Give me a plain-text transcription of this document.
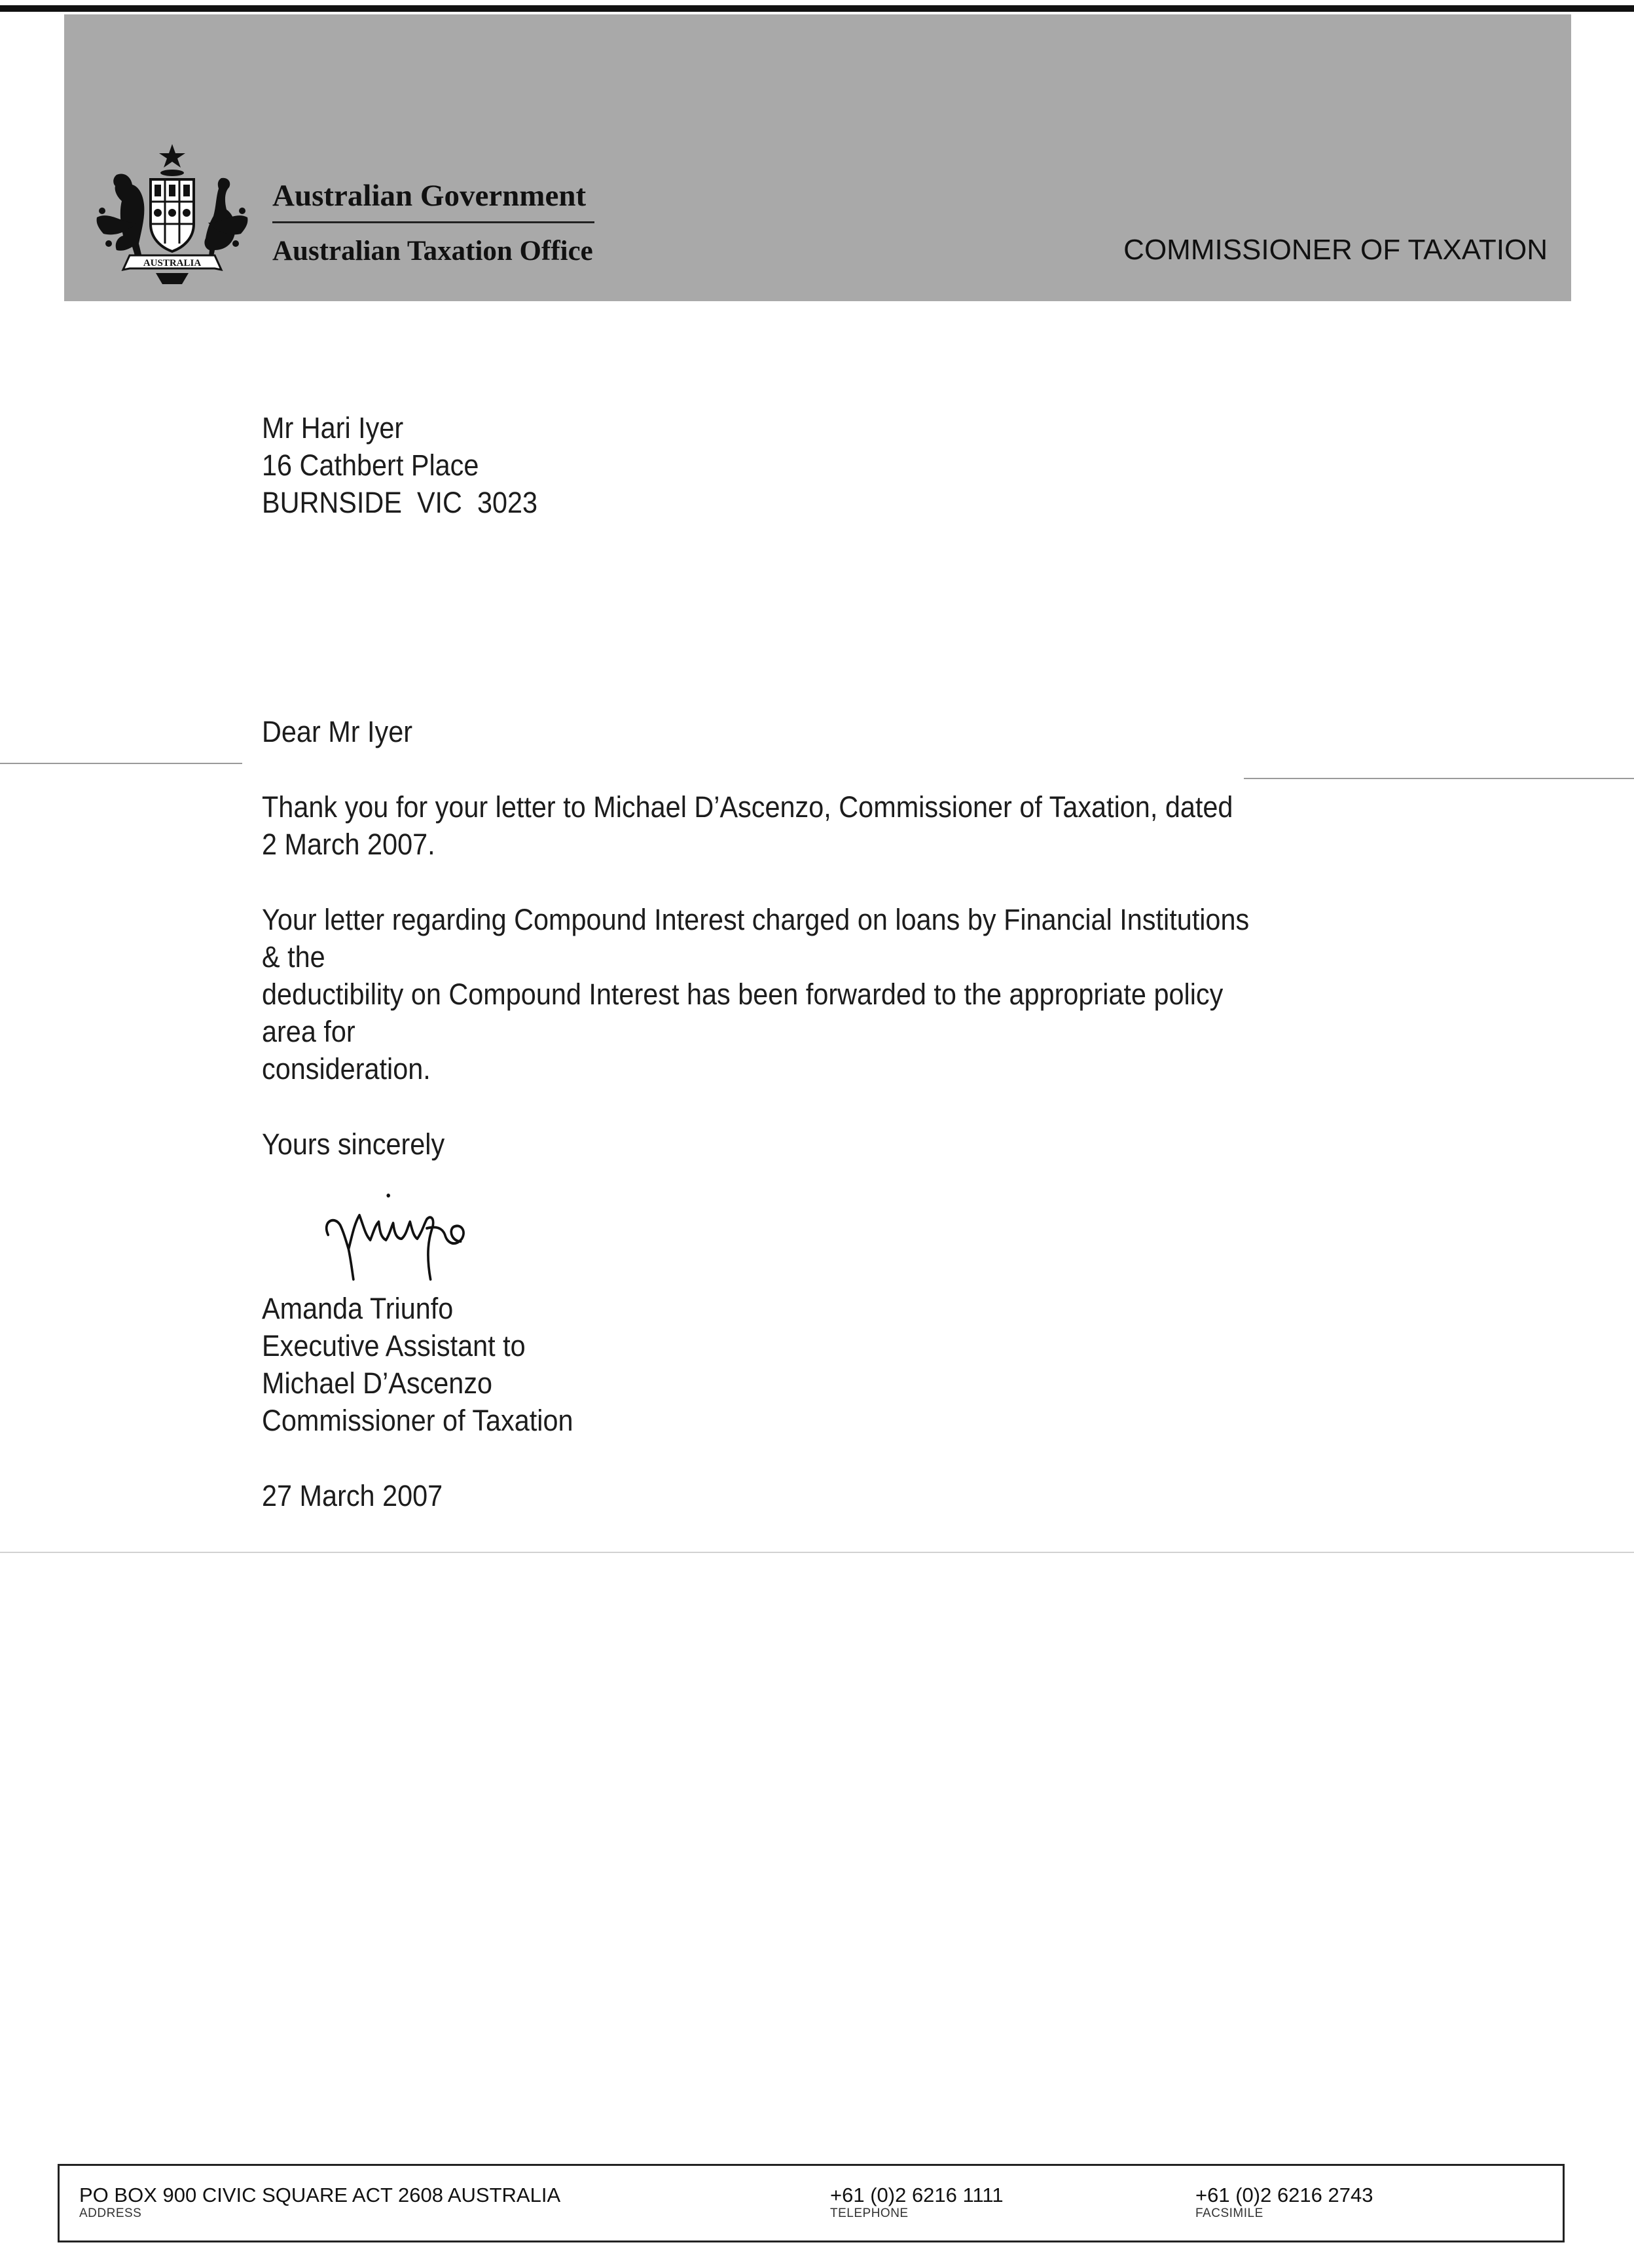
AUSTRALIA
Australian Government
Australian Taxation Office	COMMISSIONER OF TAXATION

Mr Hari Iyer
16 Cathbert Place
BURNSIDE  VIC  3023

Dear Mr Iyer

Thank you for your letter to Michael D’Ascenzo, Commissioner of Taxation, dated
2 March 2007.

Your letter regarding Compound Interest charged on loans by Financial Institutions & the
deductibility on Compound Interest has been forwarded to the appropriate policy area for
consideration.

Yours sincerely

Amanda Triunfo
Executive Assistant to
Michael D’Ascenzo
Commissioner of Taxation

27 March 2007

PO BOX 900 CIVIC SQUARE ACT 2608 AUSTRALIA
ADDRESS
+61 (0)2 6216 1111
TELEPHONE
+61 (0)2 6216 2743
FACSIMILE
